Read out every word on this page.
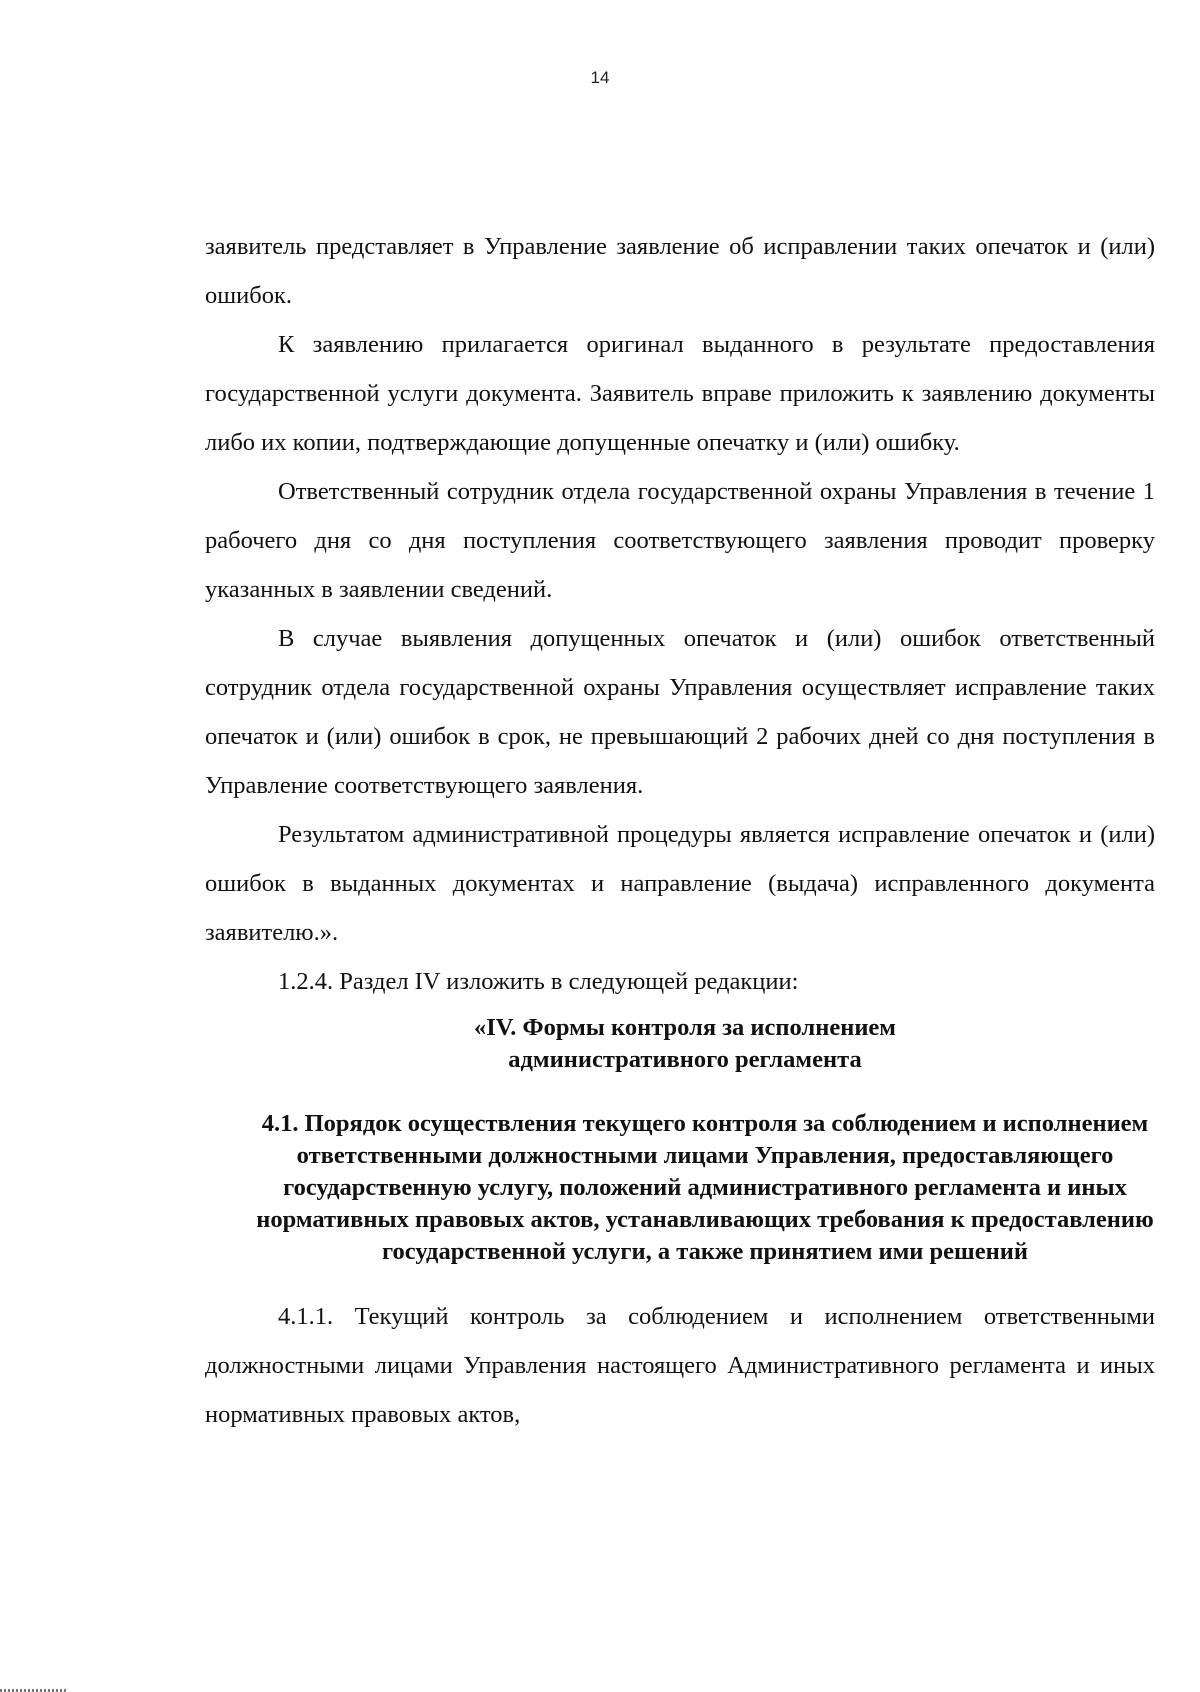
14

заявитель представляет в Управление заявление об исправлении таких опечаток и (или) ошибок.

К заявлению прилагается оригинал выданного в результате предоставления государственной услуги документа. Заявитель вправе приложить к заявлению документы либо их копии, подтверждающие допущенные опечатку и (или) ошибку.

Ответственный сотрудник отдела государственной охраны Управления в течение 1 рабочего дня со дня поступления соответствующего заявления проводит проверку указанных в заявлении сведений.

В случае выявления допущенных опечаток и (или) ошибок ответственный сотрудник отдела государственной охраны Управления осуществляет исправление таких опечаток и (или) ошибок в срок, не превышающий 2 рабочих дней со дня поступления в Управление соответствующего заявления.

Результатом административной процедуры является исправление опечаток и (или) ошибок в выданных документах и направление (выдача) исправленного документа заявителю.».

1.2.4. Раздел IV изложить в следующей редакции:

«IV. Формы контроля за исполнением административного регламента

4.1. Порядок осуществления текущего контроля за соблюдением и исполнением ответственными должностными лицами Управления, предоставляющего государственную услугу, положений административного регламента и иных нормативных правовых актов, устанавливающих требования к предоставлению государственной услуги, а также принятием ими решений

4.1.1. Текущий контроль за соблюдением и исполнением ответственными должностными лицами Управления настоящего Административного регламента и иных нормативных правовых актов,
